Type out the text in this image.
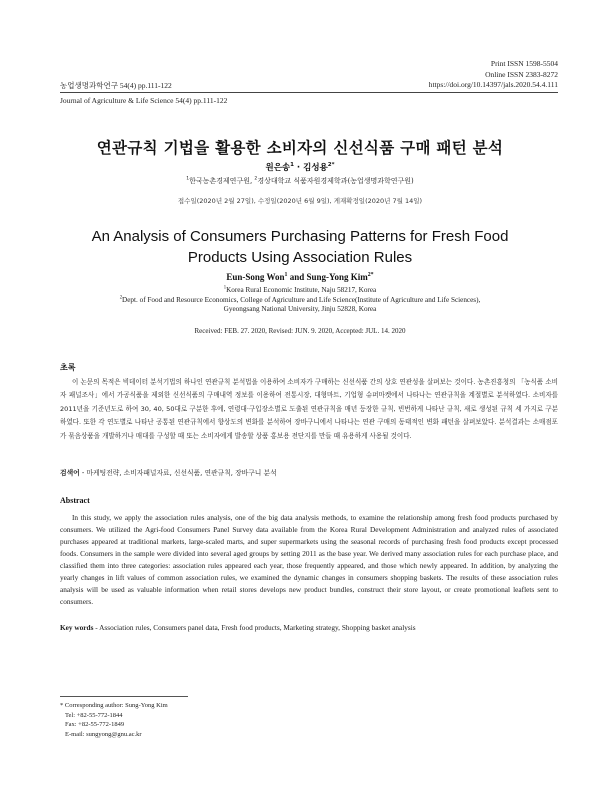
Print ISSN 1598-5504
Online ISSN 2383-8272
농업생명과학연구 54(4) pp.111-122	https://doi.org/10.14397/jals.2020.54.4.111
Journal of Agriculture & Life Science 54(4) pp.111-122
연관규칙 기법을 활용한 소비자의 신선식품 구매 패턴 분석
원은송$^1$ · 김성용$^{2*}$
$^1$한국농촌경제연구원, $^2$경상대학교 식품자원경제학과(농업생명과학연구원)
접수일(2020년 2월 27일), 수정일(2020년 6월 9일), 게재확정일(2020년 7월 14일)
An Analysis of Consumers Purchasing Patterns for Fresh Food
Products Using Association Rules
Eun-Song Won$^1$ and Sung-Yong Kim$^{2*}$
$^1$Korea Rural Economic Institute, Naju 58217, Korea
$^2$Dept. of Food and Resource Economics, College of Agriculture and Life Science(Institute of Agriculture and Life Sciences),
Gyeongsang National University, Jinju 52828, Korea
Received: FEB. 27. 2020, Revised: JUN. 9. 2020, Accepted: JUL. 14. 2020
초록
이 논문의 목적은 빅데이터 분석기법의 하나인 연관규칙 분석법을 이용하여 소비자가 구매하는 신선식품 간의 상호 연관성을 살펴보는 것이다. 농촌진흥청의 「농식품 소비자 패널조사」에서 가공식품을 제외한 신선식품의 구매내역 정보를 이용하여 전통시장, 대형마트, 기업형 슈퍼마켓에서 나타나는 연관규칙을 계절별로 분석하였다. 소비자를 2011년을 기준년도로 하여 30, 40, 50대로 구분한 후에, 연령대·구입장소별로 도출된 연관규칙을 매년 등장한 규칙, 빈번하게 나타난 규칙, 새로 생성된 규칙 세 가지로 구분하였다. 또한 각 연도별로 나타난 공통된 연관규칙에서 향상도의 변화를 분석하여 장바구니에서 나타나는 연관 구매의 동태적인 변화 패턴을 살펴보았다. 분석결과는 소매점포가 묶음상품을 개발하거나 매대를 구성할 때 또는 소비자에게 발송할 상품 홍보용 전단지를 만들 때 유용하게 사용될 것이다.
검색어 - 마케팅전략, 소비자패널자료, 신선식품, 연관규칙, 장바구니 분석
Abstract
In this study, we apply the association rules analysis, one of the big data analysis methods, to examine the relationship among fresh food products purchased by consumers. We utilized the Agri-food Consumers Panel Survey data available from the Korea Rural Development Administration and analyzed rules of associated purchases appeared at traditional markets, large-scaled marts, and super supermarkets using the seasonal records of purchasing fresh food products except processed foods. Consumers in the sample were divided into several aged groups by setting 2011 as the base year. We derived many association rules for each purchase place, and classified them into three categories: association rules appeared each year, those frequently appeared, and those which newly appeared. In addition, by analyzing the yearly changes in lift values of common association rules, we examined the dynamic changes in consumers shopping baskets. The results of these association rules analysis will be used as valuable information when retail stores develops new product bundles, construct their store layout, or create promotional leaflets sent to consumers.
Key words - Association rules, Consumers panel data, Fresh food products, Marketing strategy, Shopping basket analysis
* Corresponding author: Sung-Yong Kim
Tel: +82-55-772-1844
Fax: +82-55-772-1849
E-mail: sungyong@gnu.ac.kr
